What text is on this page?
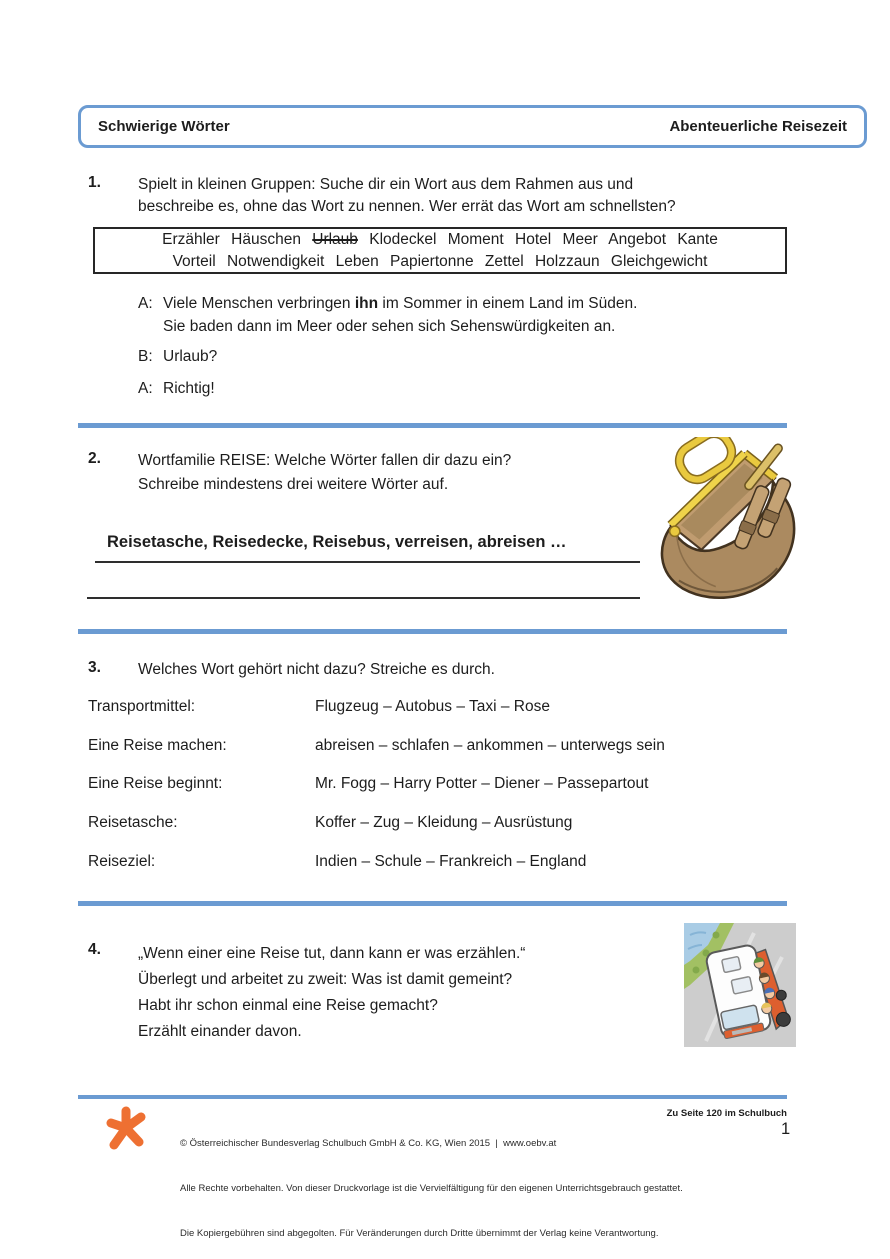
Schwierige Wörter	Abenteuerliche Reisezeit
1. Spielt in kleinen Gruppen: Suche dir ein Wort aus dem Rahmen aus und
beschreibe es, ohne das Wort zu nennen. Wer errät das Wort am schnellsten?
Erzähler Häuschen Urlaub Klodeckel Moment Hotel Meer Angebot Kante
Vorteil Notwendigkeit Leben Papiertonne Zettel Holzzaun Gleichgewicht
A: Viele Menschen verbringen ihn im Sommer in einem Land im Süden.
Sie baden dann im Meer oder sehen sich Sehenswürdigkeiten an.
B: Urlaub?
A: Richtig!
2. Wortfamilie REISE: Welche Wörter fallen dir dazu ein?
Schreibe mindestens drei weitere Wörter auf.
Reisetasche, Reisedecke, Reisebus, verreisen, abreisen …
3. Welches Wort gehört nicht dazu? Streiche es durch.
Transportmittel:	Flugzeug – Autobus – Taxi – Rose
Eine Reise machen:	abreisen – schlafen – ankommen – unterwegs sein
Eine Reise beginnt:	Mr. Fogg – Harry Potter – Diener – Passepartout
Reisetasche:	Koffer – Zug – Kleidung – Ausrüstung
Reiseziel:	Indien – Schule – Frankreich – England
4. „Wenn einer eine Reise tut, dann kann er was erzählen.“
Überlegt und arbeitet zu zweit: Was ist damit gemeint?
Habt ihr schon einmal eine Reise gemacht?
Erzählt einander davon.

© Österreichischer Bundesverlag Schulbuch GmbH & Co. KG, Wien 2015  |  www.oebv.at

Alle Rechte vorbehalten. Von dieser Druckvorlage ist die Vervielfältigung für den eigenen Unterrichtsgebrauch gestattet.

Die Kopiergebühren sind abgegolten. Für Veränderungen durch Dritte übernimmt der Verlag keine Verantwortung.

Zu Seite 120 im Schulbuch
1
